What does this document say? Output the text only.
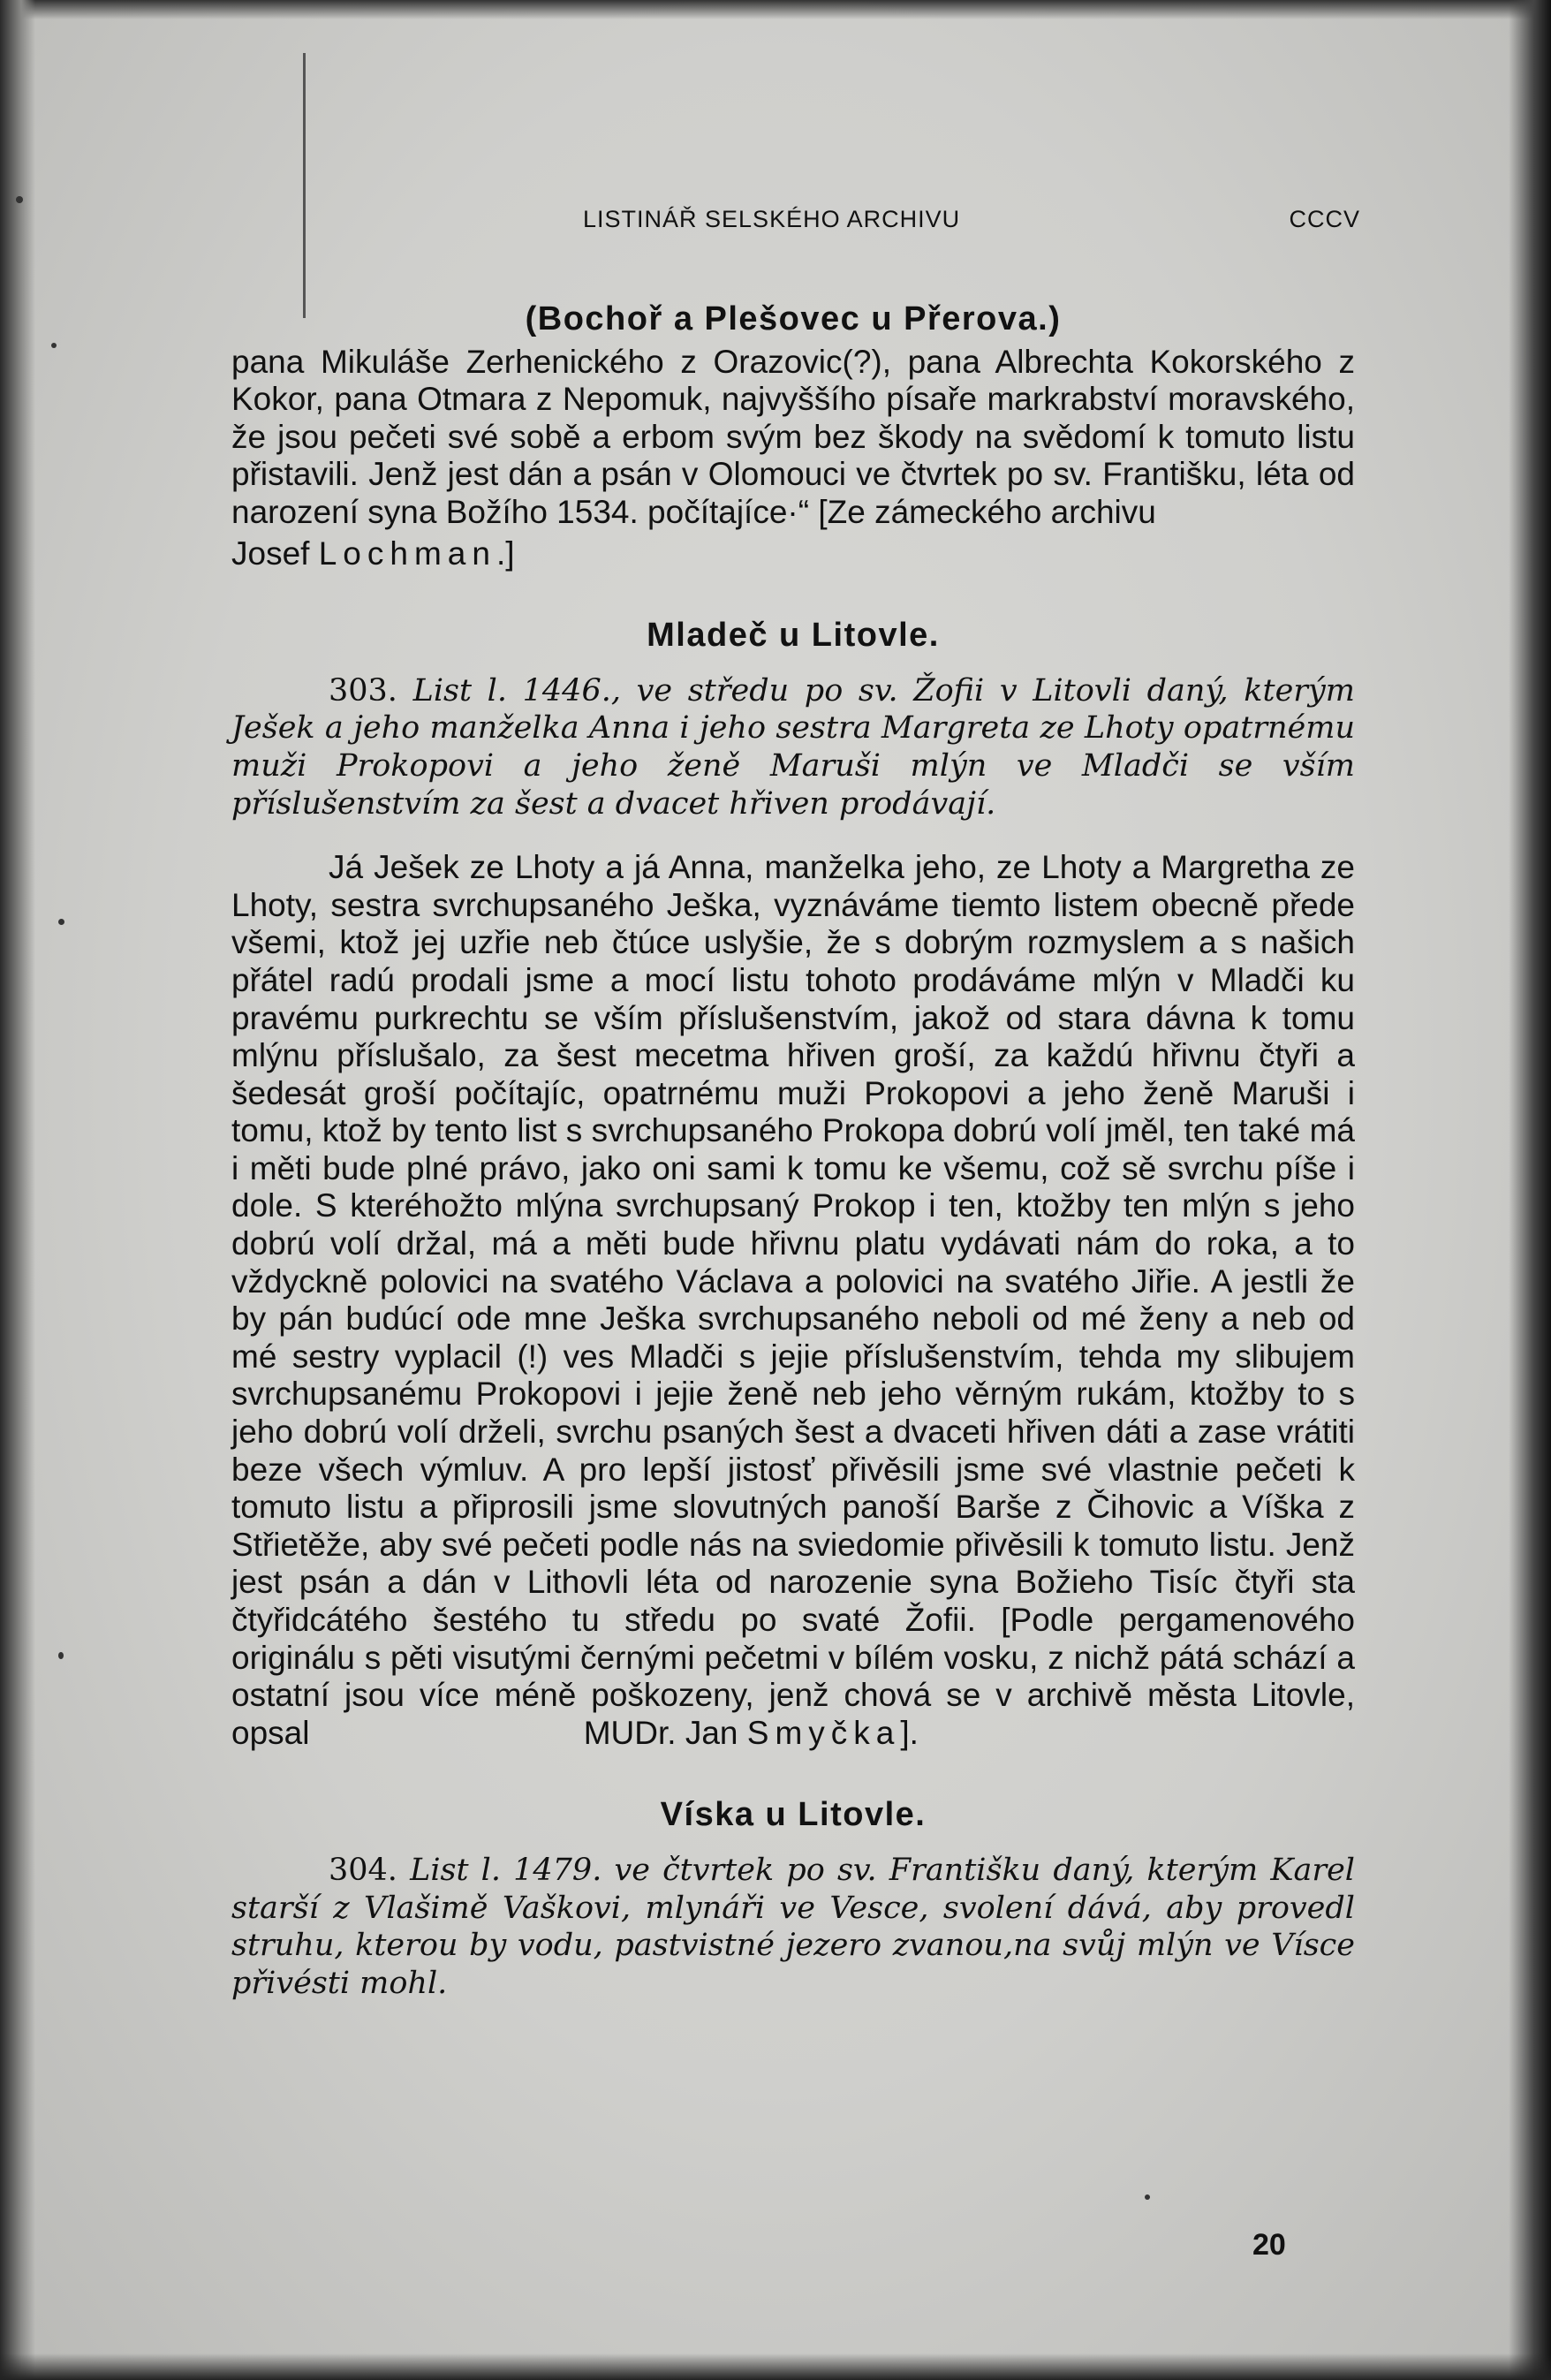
LISTINÁŘ SELSKÉHO ARCHIVU	CCCV
(Bochoř a Plešovec u Přerova.)

pana Mikuláše Zerhenického z Orazovic(?), pana Albrechta Kokorského z Kokor, pana Otmara z Nepomuk, najvyššího písaře markrabství moravského, že jsou pečeti své sobě a erbom svým bez škody na svědomí k tomuto listu přistavili. Jenž jest dán a psán v Olomouci ve čtvrtek po sv. Františku, léta od narození syna Božího 1534. počítajíce·“ [Ze zámeckého archivu

Josef Lochman.]

Mladeč u Litovle.

303. List l. 1446., ve středu po sv. Žofii v Litovli daný, kterým Ješek a jeho manželka Anna i jeho sestra Margreta ze Lhoty opatrnému muži Prokopovi a jeho ženě Maruši mlýn ve Mladči se vším příslušenstvím za šest a dvacet hřiven prodávají.

Já Ješek ze Lhoty a já Anna, manželka jeho, ze Lhoty a Margretha ze Lhoty, sestra svrchupsaného Ješka, vyznáváme tiemto listem obecně přede všemi, ktož jej uzřie neb čtúce uslyšie, že s dobrým rozmyslem a s našich přátel radú prodali jsme a mocí listu tohoto prodáváme mlýn v Mladči ku pravému purkrechtu se vším příslušenstvím, jakož od stara dávna k tomu mlýnu příslušalo, za šest mecetma hřiven groší, za každú hřivnu čtyři a šedesát groší počítajíc, opatrnému muži Prokopovi a jeho ženě Maruši i tomu, ktož by tento list s svrchupsaného Prokopa dobrú volí jměl, ten také má i měti bude plné právo, jako oni sami k tomu ke všemu, což sě svrchu píše i dole. S kteréhožto mlýna svrchupsaný Prokop i ten, ktožby ten mlýn s jeho dobrú volí držal, má a měti bude hřivnu platu vydávati nám do roka, a to vždyckně polovici na svatého Václava a polovici na svatého Jiřie. A jestli že by pán budúcí ode mne Ješka svrchupsaného neboli od mé ženy a neb od mé sestry vyplacil (!) ves Mladči s jejie příslušenstvím, tehda my slibujem svrchupsanému Prokopovi i jejie ženě neb jeho věrným rukám, ktožby to s jeho dobrú volí drželi, svrchu psaných šest a dvaceti hřiven dáti a zase vrátiti beze všech výmluv. A pro lepší jistosť přivěsili jsme své vlastnie pečeti k tomuto listu a připrosili jsme slovutných panoší Barše z Čihovic a Víška z Střietěže, aby své pečeti podle nás na sviedomie přivěsili k tomuto listu. Jenž jest psán a dán v Lithovli léta od narozenie syna Božieho Tisíc čtyři sta čtyřidcátého šestého tu středu po svaté Žofii. [Podle pergamenového originálu s pěti visutými černými pečetmi v bílém vosku, z nichž pátá schází a ostatní jsou více méně poškozeny, jenž chová se v archivě města Litovle, opsal	MUDr. Jan Smyčka].

Víska u Litovle.

304. List l. 1479. ve čtvrtek po sv. Františku daný, kterým Karel starší z Vlašimě Vaškovi, mlynáři ve Vesce, svolení dává, aby provedl struhu, kterou by vodu, pastvistné jezero zvanou,na svůj mlýn ve Vísce přivésti mohl.

20
